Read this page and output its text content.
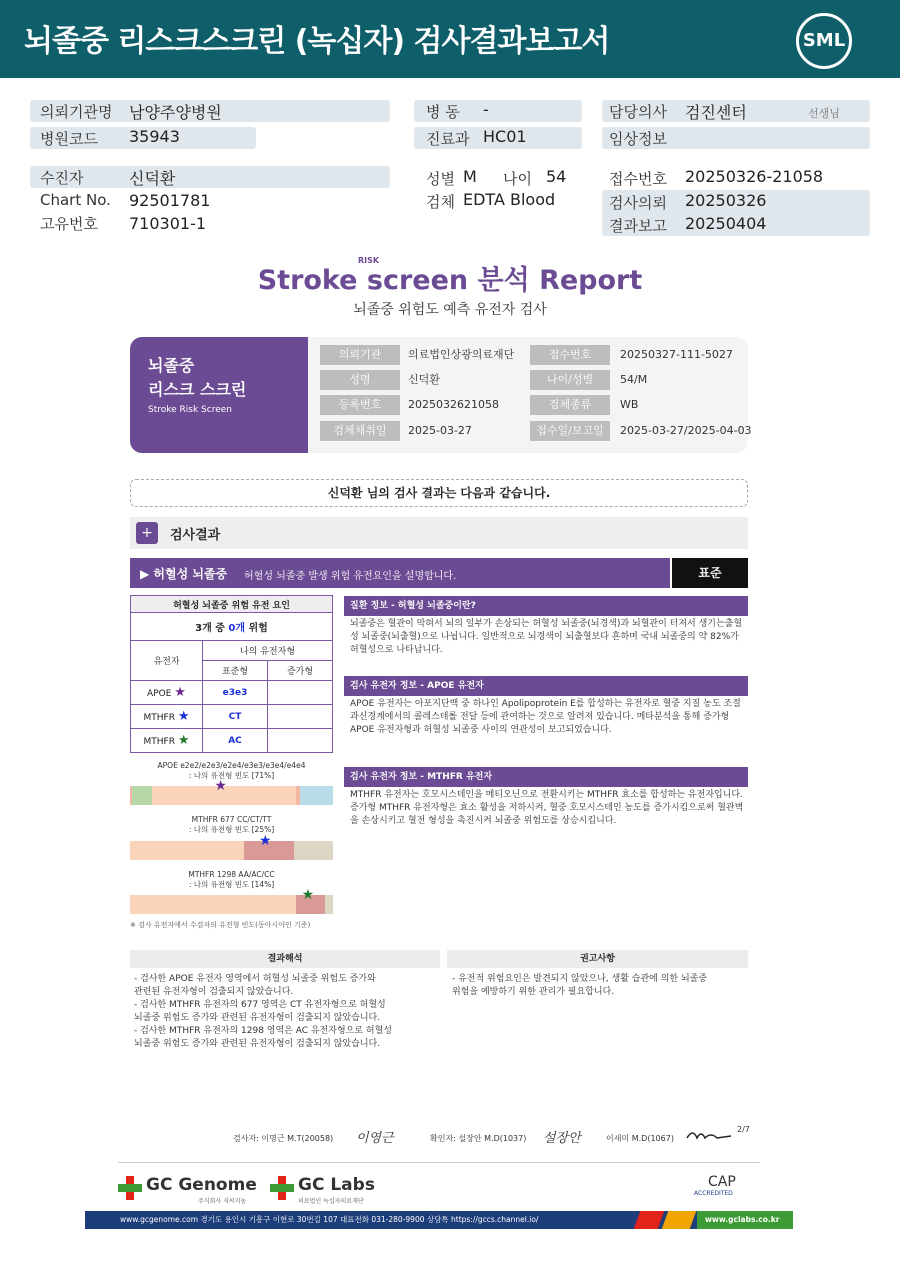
뇌졸중 리스크스크린 (녹십자) 검사결과보고서	SML
의뢰기관명 남양주양병원
병원코드 35943
병 동 -
진료과 HC01
담당의사 검진센터	선생님
임상정보
수진자	신덕환
Chart No. 92501781
고유번호 710301-1
성별 M 나이 54
검체 EDTA Blood
접수번호 20250326-21058
검사의뢰 20250326
결과보고 20250404
Stroke screen 분석 Report
RISK
뇌졸중 위험도 예측 유전자 검사
뇌졸중
리스크 스크린
Stroke Risk Screen
의뢰기관	의료법인상광의료재단	접수번호	20250327-111-5027
성명	신덕환	나이/성별	54/M
등록번호	2025032621058	검체종류	WB
검체채취일	2025-03-27	접수일/보고일	2025-03-27/2025-04-03
신덕환 님의 검사 결과는 다음과 같습니다.
+	검사결과
▶ 허혈성 뇌졸중 허혈성 뇌졸중 발생 위험 유전요인을 설명합니다.	표준
허혈성 뇌졸중 위험 유전 요인		
3개 중 0개 위험		
유전자	나의 유전자형	
	표준형	증가형
APOE ★	e3e3	
MTHFR ★	CT	
MTHFR ★	AC	
APOE e2e2/e2e3/e2e4/e3e3/e3e4/e4e4
: 나의 유전형 빈도 [71%]
MTHFR 677 CC/CT/TT
: 나의 유전형 빈도 [25%]
MTHFR 1298 AA/AC/CC
: 나의 유전형 빈도 [14%]
※ 검사 유전자에서 수검자의 유전형 빈도(동아시아인 기준)
질환 정보 - 허혈성 뇌졸중이란?
뇌졸중은 혈관이 막혀서 뇌의 일부가 손상되는 허혈성 뇌졸중(뇌경색)과 뇌혈관이 터져서 생기는출혈성 뇌졸중(뇌출혈)으로 나뉩니다. 일반적으로 뇌경색이 뇌출혈보다 흔하며 국내 뇌졸중의 약 82%가 허혈성으로 나타납니다.
검사 유전자 정보 - APOE 유전자
APOE 유전자는 아포지단백 중 하나인 Apolipoprotein E를 합성하는 유전자로 혈중 지질 농도 조절과신경계에서의 콜레스테롤 전달 등에 관여하는 것으로 알려져 있습니다. 메타분석을 통해 증가형 APOE 유전자형과 허혈성 뇌졸중 사이의 연관성이 보고되었습니다.
검사 유전자 정보 - MTHFR 유전자
MTHFR 유전자는 호모시스테인을 메티오닌으로 전환시키는 MTHFR 효소를 합성하는 유전자입니다. 증가형 MTHFR 유전자형은 효소 활성을 저하시켜, 혈중 호모시스테인 농도를 증가시킴으로써 혈관벽을 손상시키고 혈전 형성을 촉진시켜 뇌졸중 위험도를 상승시킵니다.
결과해석
- 검사한 APOE 유전자 영역에서 허혈성 뇌졸중 위험도 증가와
관련된 유전자형이 검출되지 않았습니다.
- 검사한 MTHFR 유전자의 677 영역은 CT 유전자형으로 허혈성
뇌졸중 위험도 증가와 관련된 유전자형이 검출되지 않았습니다.
- 검사한 MTHFR 유전자의 1298 영역은 AC 유전자형으로 허혈성
뇌졸중 위험도 증가와 관련된 유전자형이 검출되지 않았습니다.
권고사항
- 유전적 위험요인은 발견되지 않았으나, 생활 습관에 의한 뇌졸중
위험을 예방하기 위한 관리가 필요합니다.
검사자: 이명근 M.T(20058) 이영근	확인자: 설장안 M.D(1037) 설장안	이새미 M.D(1067)
2/7
GC Genome
주식회사 지씨지놈
GC Labs
의료법인 녹십자의료재단
CAP
ACCREDITED
www.gcgenome.com 경기도 용인시 기흥구 이현로 30번길 107 대표전화 031-280-9900 상담톡 https://gccs.channel.io/	www.gclabs.co.kr
★
★
★
